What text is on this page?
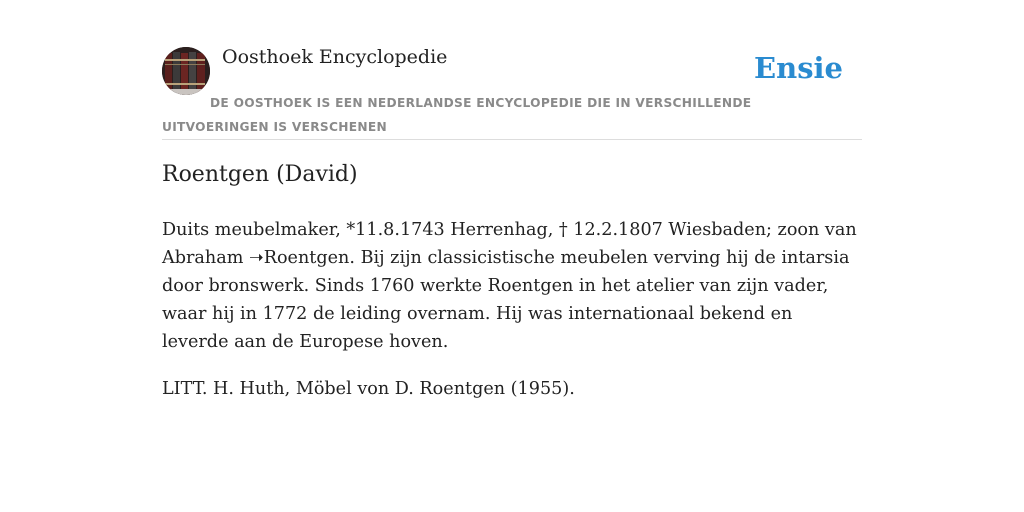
Oosthoek Encyclopedie	Ensie
DE OOSTHOEK IS EEN NEDERLANDSE ENCYCLOPEDIE DIE IN VERSCHILLENDE UITVOERINGEN IS VERSCHENEN
Roentgen (David)

Duits meubelmaker, *11.8.1743 Herrenhag, † 12.2.1807 Wiesbaden; zoon van Abraham ➝Roentgen. Bij zijn classicistische meubelen verving hij de intarsia door bronswerk. Sinds 1760 werkte Roentgen in het atelier van zijn vader, waar hij in 1772 de leiding overnam. Hij was internationaal bekend en leverde aan de Europese hoven.

LITT. H. Huth, Möbel von D. Roentgen (1955).
